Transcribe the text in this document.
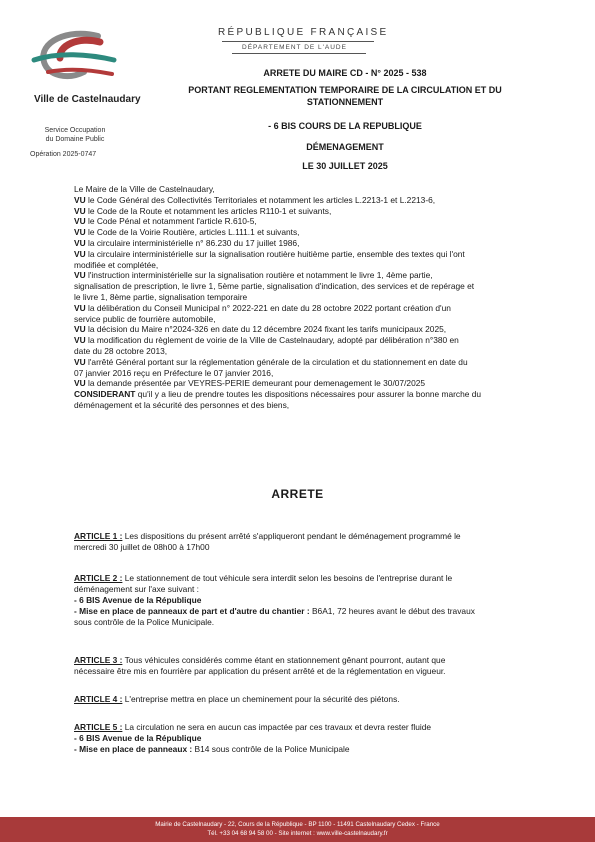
Ville de Castelnaudary
Service Occupation
du Domaine Public
Opération 2025-0747
RÉPUBLIQUE FRANÇAISE
DÉPARTEMENT DE L'AUDE
ARRETE DU MAIRE CD - N° 2025 - 538
PORTANT REGLEMENTATION TEMPORAIRE DE LA CIRCULATION ET DU
STATIONNEMENT
- 6 BIS COURS DE LA REPUBLIQUE
DÉMENAGEMENT
LE 30 JUILLET 2025
Le Maire de la Ville de Castelnaudary,
VU le Code Général des Collectivités Territoriales et notamment les articles L.2213-1 et L.2213-6,
VU le Code de la Route et notamment les articles R110-1 et suivants,
VU le Code Pénal et notamment l'article R.610-5,
VU le Code de la Voirie Routière, articles L.111.1 et suivants,
VU la circulaire interministérielle n° 86.230 du 17 juillet 1986,
VU la circulaire interministérielle sur la signalisation routière huitième partie, ensemble des textes qui l'ont
modifiée et complétée,
VU l'instruction interministérielle sur la signalisation routière et notamment le livre 1, 4ème partie,
signalisation de prescription, le livre 1, 5ème partie, signalisation d'indication, des services et de repérage et
le livre 1, 8ème partie, signalisation temporaire
VU la délibération du Conseil Municipal n° 2022-221 en date du 28 octobre 2022 portant création d'un
service public de fourrière automobile,
VU la décision du Maire n°2024-326 en date du 12 décembre 2024 fixant les tarifs municipaux 2025,
VU la modification du règlement de voirie de la Ville de Castelnaudary, adopté par délibération n°380 en
date du 28 octobre 2013,
VU l'arrêté Général portant sur la réglementation générale de la circulation et du stationnement en date du
07 janvier 2016 reçu en Préfecture le 07 janvier 2016,
VU la demande présentée par VEYRES-PERIE demeurant pour demenagement le 30/07/2025
CONSIDERANT qu'il y a lieu de prendre toutes les dispositions nécessaires pour assurer la bonne marche du
déménagement et la sécurité des personnes et des biens,
ARRETE
ARTICLE 1 : Les dispositions du présent arrêté s'appliqueront pendant le déménagement programmé le
mercredi 30 juillet de 08h00 à 17h00
ARTICLE 2 : Le stationnement de tout véhicule sera interdit selon les besoins de l'entreprise durant le
déménagement sur l'axe suivant :
- 6 BIS Avenue de la République
- Mise en place de panneaux de part et d'autre du chantier : B6A1, 72 heures avant le début des travaux
sous contrôle de la Police Municipale.
ARTICLE 3 : Tous véhicules considérés comme étant en stationnement gênant pourront, autant que
nécessaire être mis en fourrière par application du présent arrêté et de la réglementation en vigueur.
ARTICLE 4 : L'entreprise mettra en place un cheminement pour la sécurité des piétons.
ARTICLE 5 : La circulation ne sera en aucun cas impactée par ces travaux et devra rester fluide
- 6 BIS Avenue de la République
- Mise en place de panneaux : B14 sous contrôle de la Police Municipale
Mairie de Castelnaudary - 22, Cours de la République - BP 1100 - 11491 Castelnaudary Cedex - France
Tél. +33 04 68 94 58 00 - Site internet : www.ville-castelnaudary.fr
